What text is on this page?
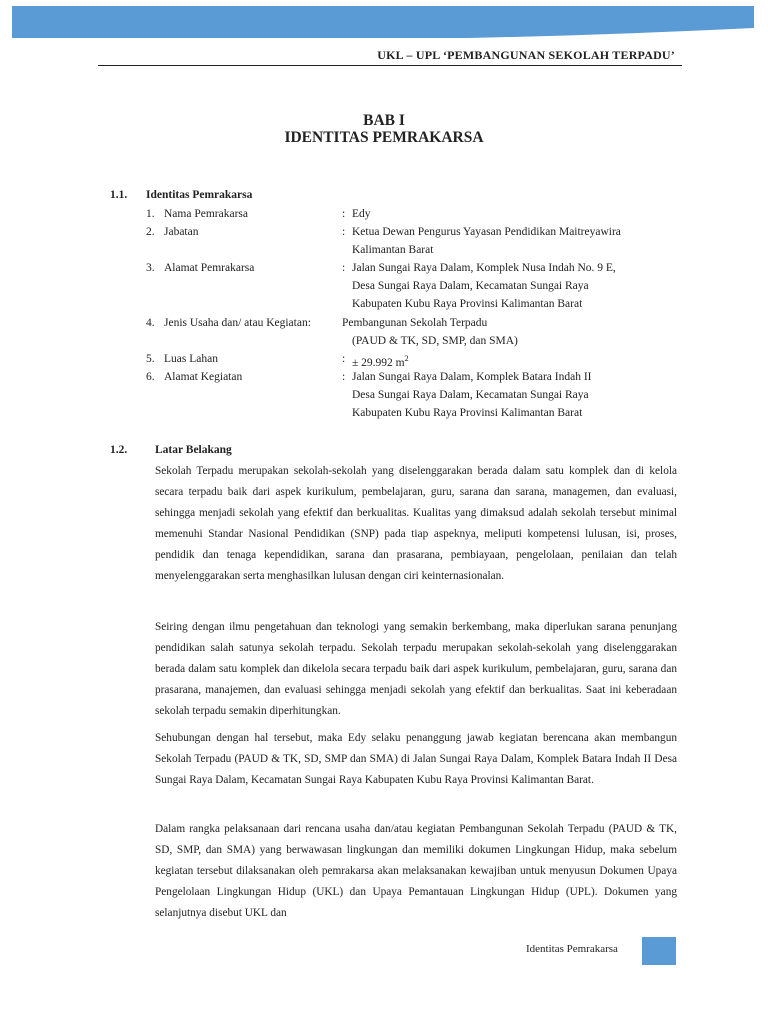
UKL – UPL ‘PEMBANGUNAN SEKOLAH TERPADU’
BAB I
IDENTITAS PEMRAKARSA
1.1. Identitas Pemrakarsa
1. Nama Pemrakarsa	: Edy
2. Jabatan	: Ketua Dewan Pengurus Yayasan Pendidikan Maitreyawira
Kalimantan Barat
3. Alamat Pemrakarsa	: Jalan Sungai Raya Dalam, Komplek Nusa Indah No. 9 E,
Desa Sungai Raya Dalam, Kecamatan Sungai Raya
Kabupaten Kubu Raya Provinsi Kalimantan Barat
4. Jenis Usaha dan/ atau Kegiatan:	Pembangunan Sekolah Terpadu
(PAUD & TK, SD, SMP, dan SMA)
5. Luas Lahan	: ± 29.992 $m^2$
6. Alamat Kegiatan	: Jalan Sungai Raya Dalam, Komplek Batara Indah II
Desa Sungai Raya Dalam, Kecamatan Sungai Raya
Kabupaten Kubu Raya Provinsi Kalimantan Barat
1.2. Latar Belakang
Sekolah Terpadu merupakan sekolah-sekolah yang diselenggarakan berada dalam satu komplek dan di kelola secara terpadu baik dari aspek kurikulum, pembelajaran, guru, sarana dan sarana, managemen, dan evaluasi, sehingga menjadi sekolah yang efektif dan berkualitas. Kualitas yang dimaksud adalah sekolah tersebut minimal memenuhi Standar Nasional Pendidikan (SNP) pada tiap aspeknya, meliputi kompetensi lulusan, isi, proses, pendidik dan tenaga kependidikan, sarana dan prasarana, pembiayaan, pengelolaan, penilaian dan telah menyelenggarakan serta menghasilkan lulusan dengan ciri keinternasionalan.
Seiring dengan ilmu pengetahuan dan teknologi yang semakin berkembang, maka diperlukan sarana penunjang pendidikan salah satunya sekolah terpadu. Sekolah terpadu merupakan sekolah-sekolah yang diselenggarakan berada dalam satu komplek dan dikelola secara terpadu baik dari aspek kurikulum, pembelajaran, guru, sarana dan prasarana, manajemen, dan evaluasi sehingga menjadi sekolah yang efektif dan berkualitas. Saat ini keberadaan sekolah terpadu semakin diperhitungkan.
Sehubungan dengan hal tersebut, maka Edy selaku penanggung jawab kegiatan berencana akan membangun Sekolah Terpadu (PAUD & TK, SD, SMP dan SMA) di Jalan Sungai Raya Dalam, Komplek Batara Indah II Desa Sungai Raya Dalam, Kecamatan Sungai Raya Kabupaten Kubu Raya Provinsi Kalimantan Barat.
Dalam rangka pelaksanaan dari rencana usaha dan/atau kegiatan Pembangunan Sekolah Terpadu (PAUD & TK, SD, SMP, dan SMA) yang berwawasan lingkungan dan memiliki dokumen Lingkungan Hidup, maka sebelum kegiatan tersebut dilaksanakan oleh pemrakarsa akan melaksanakan kewajiban untuk menyusun Dokumen Upaya Pengelolaan Lingkungan Hidup (UKL) dan Upaya Pemantauan Lingkungan Hidup (UPL). Dokumen yang selanjutnya disebut UKL dan
Identitas Pemrakarsa
